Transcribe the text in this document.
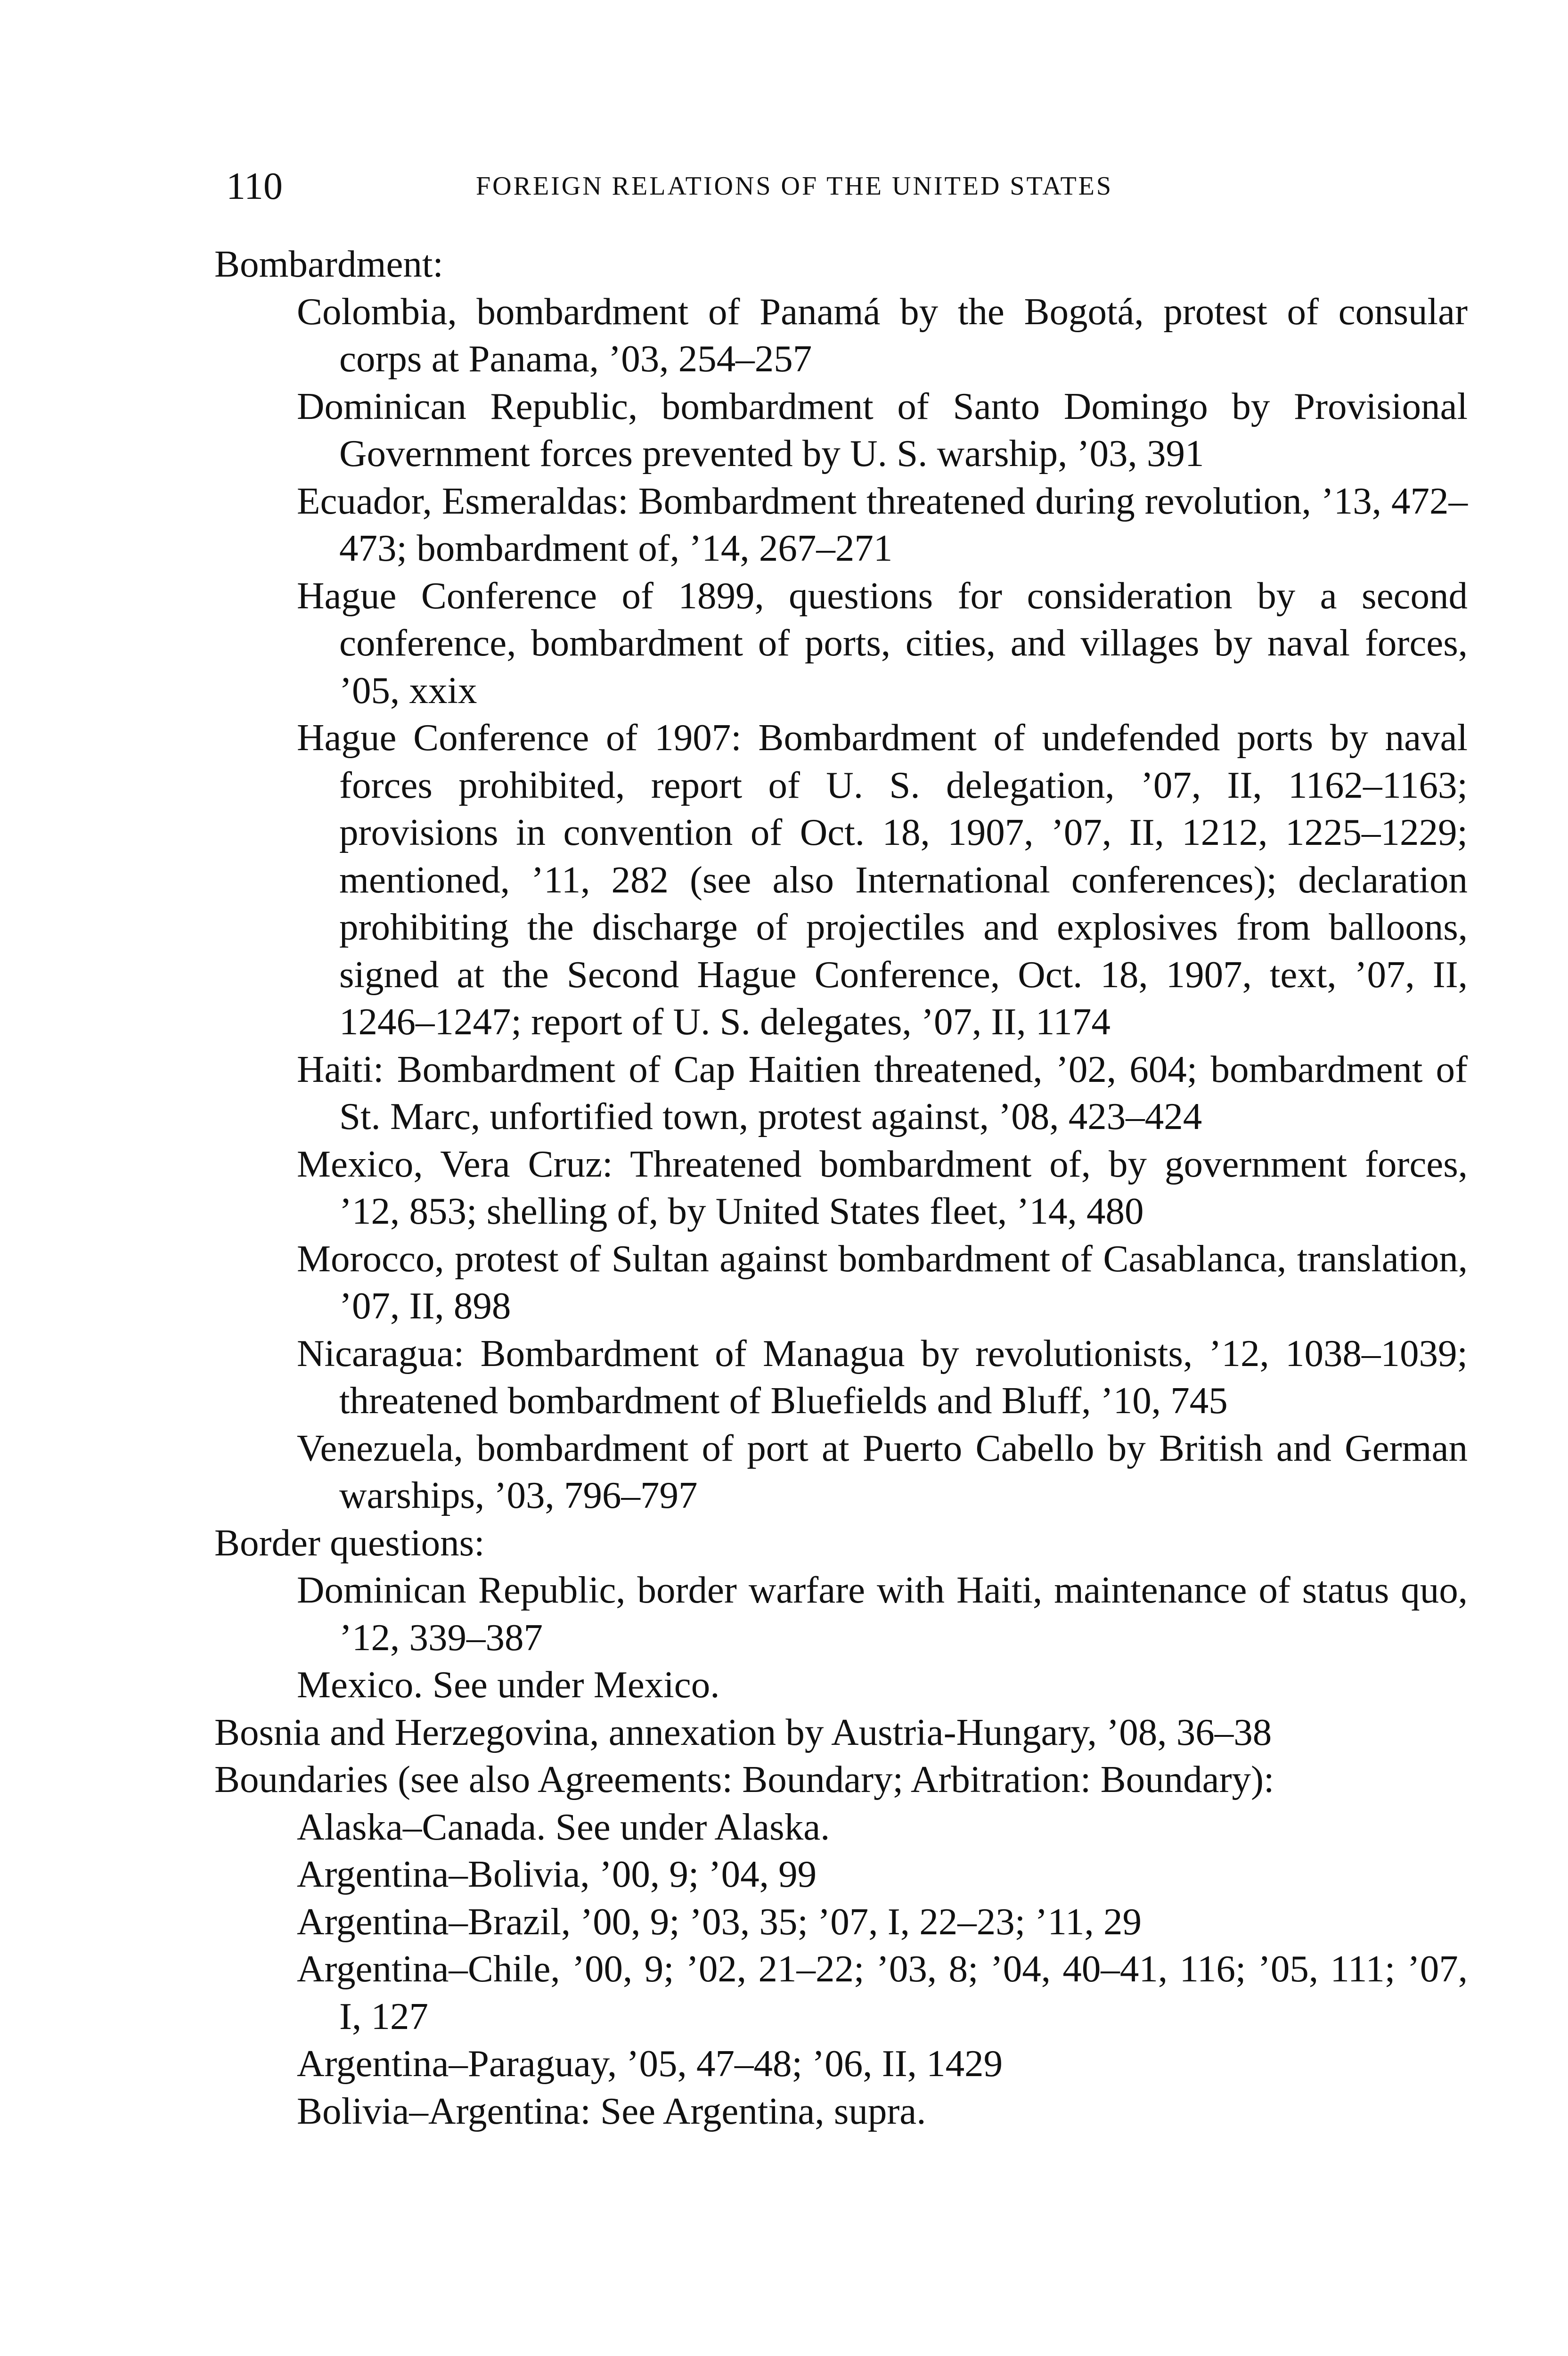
110	FOREIGN RELATIONS OF THE UNITED STATES

Bombardment:

Colombia, bombardment of Panamá by the Bogotá, protest of consular corps at Panama, ’03, 254–257

Dominican Republic, bombardment of Santo Domingo by Provisional Government forces prevented by U. S. warship, ’03, 391

Ecuador, Esmeraldas: Bombardment threatened during revolution, ’13, 472–473; bombardment of, ’14, 267–271

Hague Conference of 1899, questions for consideration by a second conference, bombardment of ports, cities, and villages by naval forces, ’05, xxix

Hague Conference of 1907: Bombardment of undefended ports by naval forces prohibited, report of U. S. delegation, ’07, II, 1162–1163; provisions in convention of Oct. 18, 1907, ’07, II, 1212, 1225–1229; mentioned, ’11, 282 (see also International conferences); declaration prohibiting the discharge of projectiles and explosives from balloons, signed at the Second Hague Conference, Oct. 18, 1907, text, ’07, II, 1246–1247; report of U. S. delegates, ’07, II, 1174

Haiti: Bombardment of Cap Haitien threatened, ’02, 604; bombardment of St. Marc, unfortified town, protest against, ’08, 423–424

Mexico, Vera Cruz: Threatened bombardment of, by government forces, ’12, 853; shelling of, by United States fleet, ’14, 480

Morocco, protest of Sultan against bombardment of Casablanca, translation, ’07, II, 898

Nicaragua: Bombardment of Managua by revolutionists, ’12, 1038–1039; threatened bombardment of Bluefields and Bluff, ’10, 745

Venezuela, bombardment of port at Puerto Cabello by British and German warships, ’03, 796–797

Border questions:

Dominican Republic, border warfare with Haiti, maintenance of status quo, ’12, 339–387

Mexico. See under Mexico.

Bosnia and Herzegovina, annexation by Austria-Hungary, ’08, 36–38

Boundaries (see also Agreements: Boundary; Arbitration: Boundary):

Alaska–Canada. See under Alaska.

Argentina–Bolivia, ’00, 9; ’04, 99

Argentina–Brazil, ’00, 9; ’03, 35; ’07, I, 22–23; ’11, 29

Argentina–Chile, ’00, 9; ’02, 21–22; ’03, 8; ’04, 40–41, 116; ’05, 111; ’07, I, 127

Argentina–Paraguay, ’05, 47–48; ’06, II, 1429

Bolivia–Argentina: See Argentina, supra.
